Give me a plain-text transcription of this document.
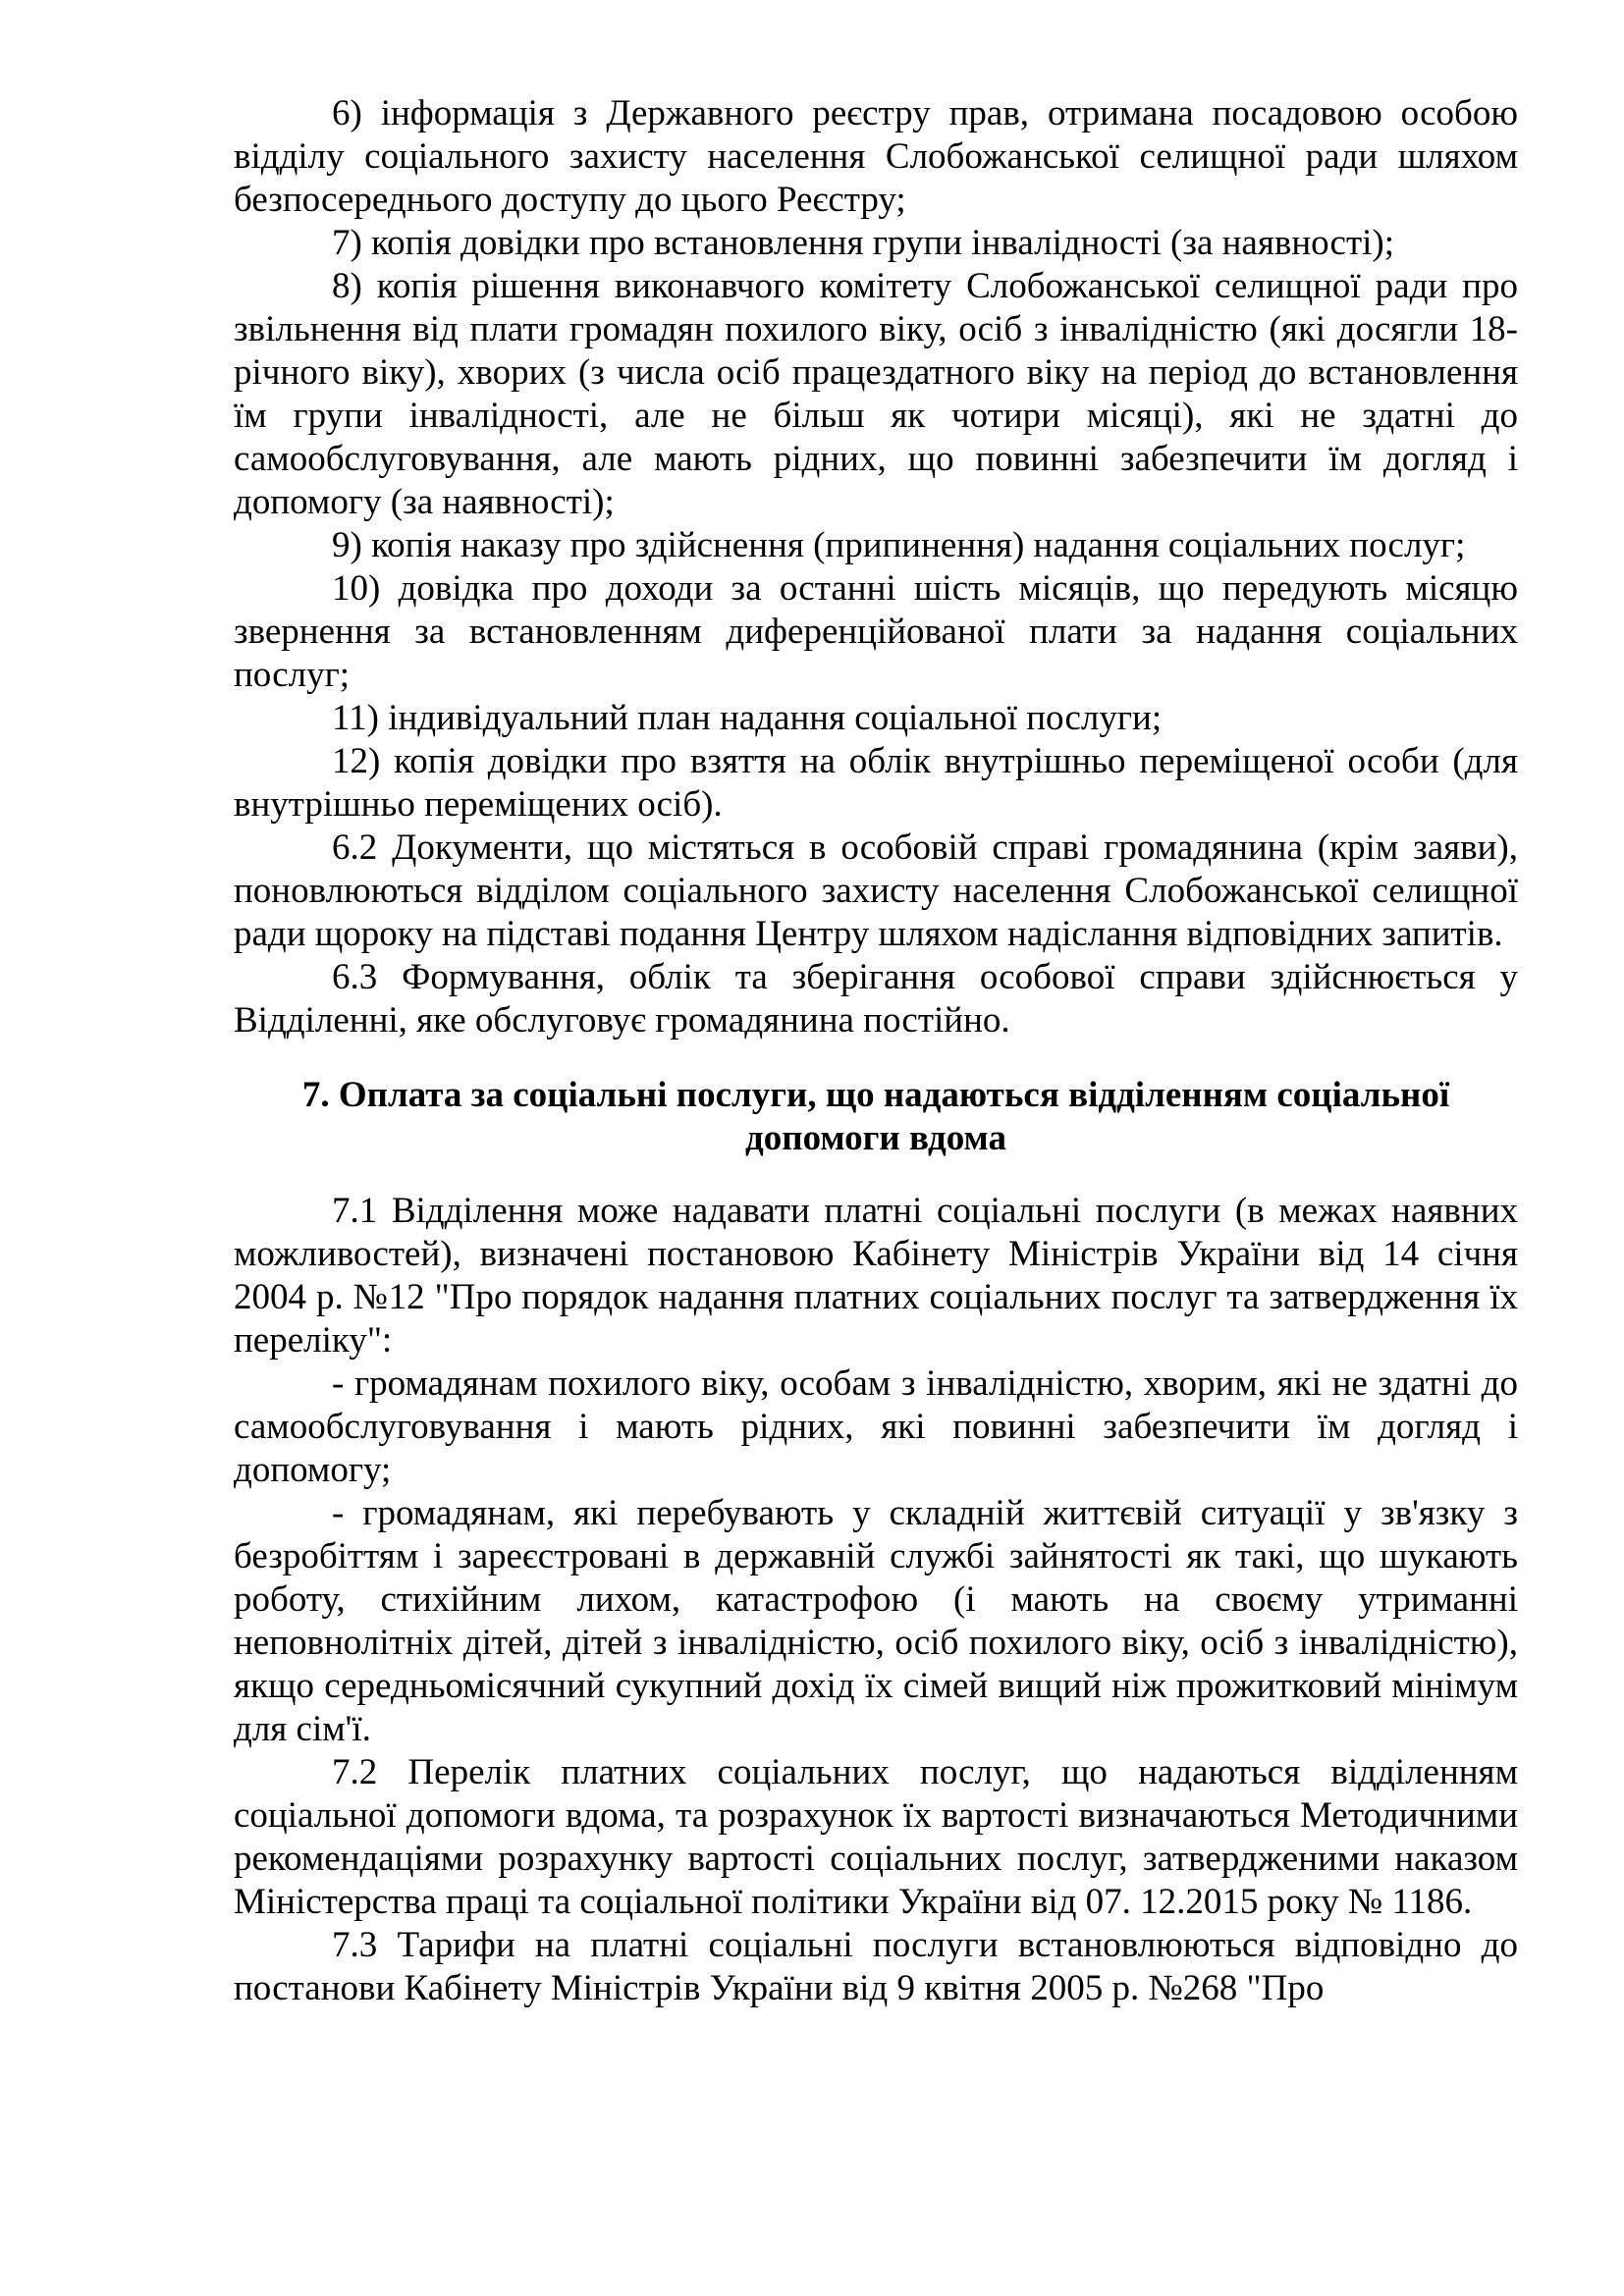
6) інформація з Державного реєстру прав, отримана посадовою особою відділу соціального захисту населення Слобожанської селищної ради шляхом безпосереднього доступу до цього Реєстру;

7) копія довідки про встановлення групи інвалідності (за наявності);

8) копія рішення виконавчого комітету Слобожанської селищної ради про звільнення від плати громадян похилого віку, осіб з інвалідністю (які досягли 18-річного віку), хворих (з числа осіб працездатного віку на період до встановлення їм групи інвалідності, але не більш як чотири місяці), які не здатні до самообслуговування, але мають рідних, що повинні забезпечити їм догляд і допомогу (за наявності);

9) копія наказу про здійснення (припинення) надання соціальних послуг;

10) довідка про доходи за останні шість місяців, що передують місяцю звернення за встановленням диференційованої плати за надання соціальних послуг;

11) індивідуальний план надання соціальної послуги;

12) копія довідки про взяття на облік внутрішньо переміщеної особи (для внутрішньо переміщених осіб).

6.2 Документи, що містяться в особовій справі громадянина (крім заяви), поновлюються відділом соціального захисту населення Слобожанської селищної ради щороку на підставі подання Центру шляхом надіслання відповідних запитів.

6.3 Формування, облік та зберігання особової справи здійснюється у Відділенні, яке обслуговує громадянина постійно.

7. Оплата за соціальні послуги, що надаються відділенням соціальної
допомоги вдома

7.1 Відділення може надавати платні соціальні послуги (в межах наявних можливостей), визначені постановою Кабінету Міністрів України від 14 січня 2004 р. №12 "Про порядок надання платних соціальних послуг та затвердження їх переліку":

- громадянам похилого віку, особам з інвалідністю, хворим, які не здатні до самообслуговування і мають рідних, які повинні забезпечити їм догляд і допомогу;

- громадянам, які перебувають у складній життєвій ситуації у зв'язку з безробіттям і зареєстровані в державній службі зайнятості як такі, що шукають роботу, стихійним лихом, катастрофою (і мають на своєму утриманні неповнолітніх дітей, дітей з інвалідністю, осіб похилого віку, осіб з інвалідністю), якщо середньомісячний сукупний дохід їх сімей вищий ніж прожитковий мінімум для сім'ї.

7.2 Перелік платних соціальних послуг, що надаються відділенням соціальної допомоги вдома, та розрахунок їх вартості визначаються Методичними рекомендаціями розрахунку вартості соціальних послуг, затвердженими наказом Міністерства праці та соціальної політики України від 07. 12.2015 року № 1186.

7.3 Тарифи на платні соціальні послуги встановлюються відповідно до постанови Кабінету Міністрів України від 9 квітня 2005 р. №268 "Про
